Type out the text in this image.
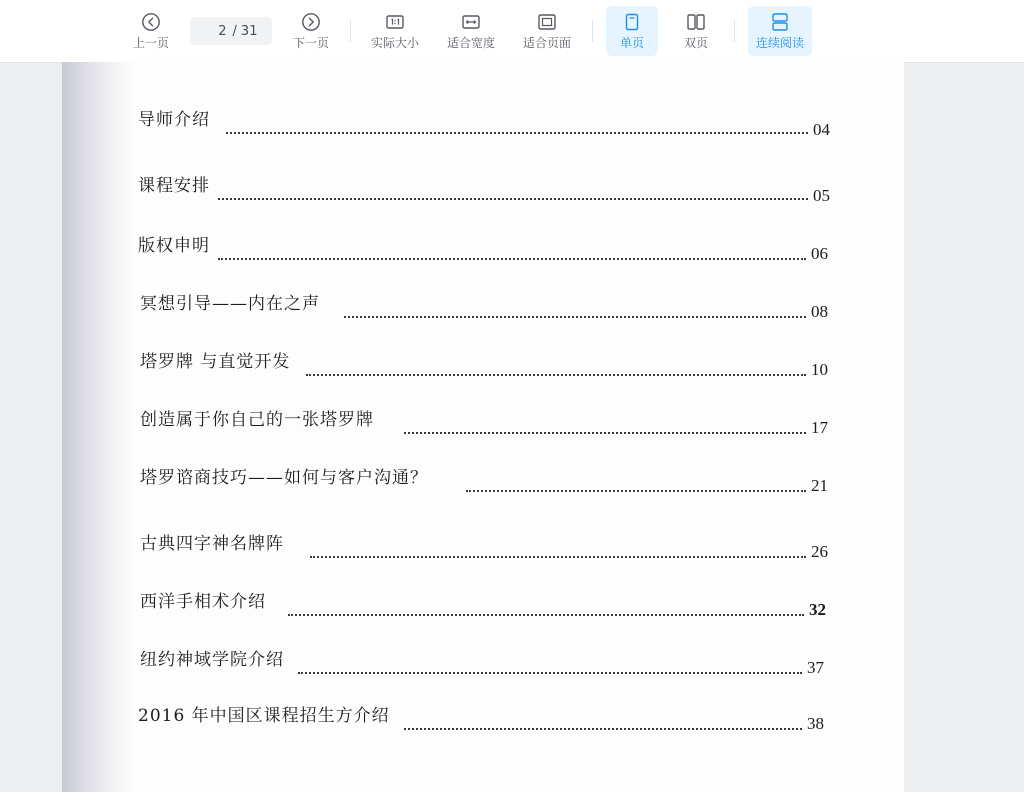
上一页
2
/ 31
下一页	实际大小 适合宽度 适合页面	单页	双页	连续阅读
导师介绍	04
课程安排	05
版权申明	06
冥想引导——内在之声	08
塔罗牌 与直觉开发	10
创造属于你自己的一张塔罗牌	17
塔罗谘商技巧——如何与客户沟通？	21
古典四字神名牌阵	26
西洋手相术介绍	32
纽约神域学院介绍	37
2016 年中国区课程招生方介绍	38
